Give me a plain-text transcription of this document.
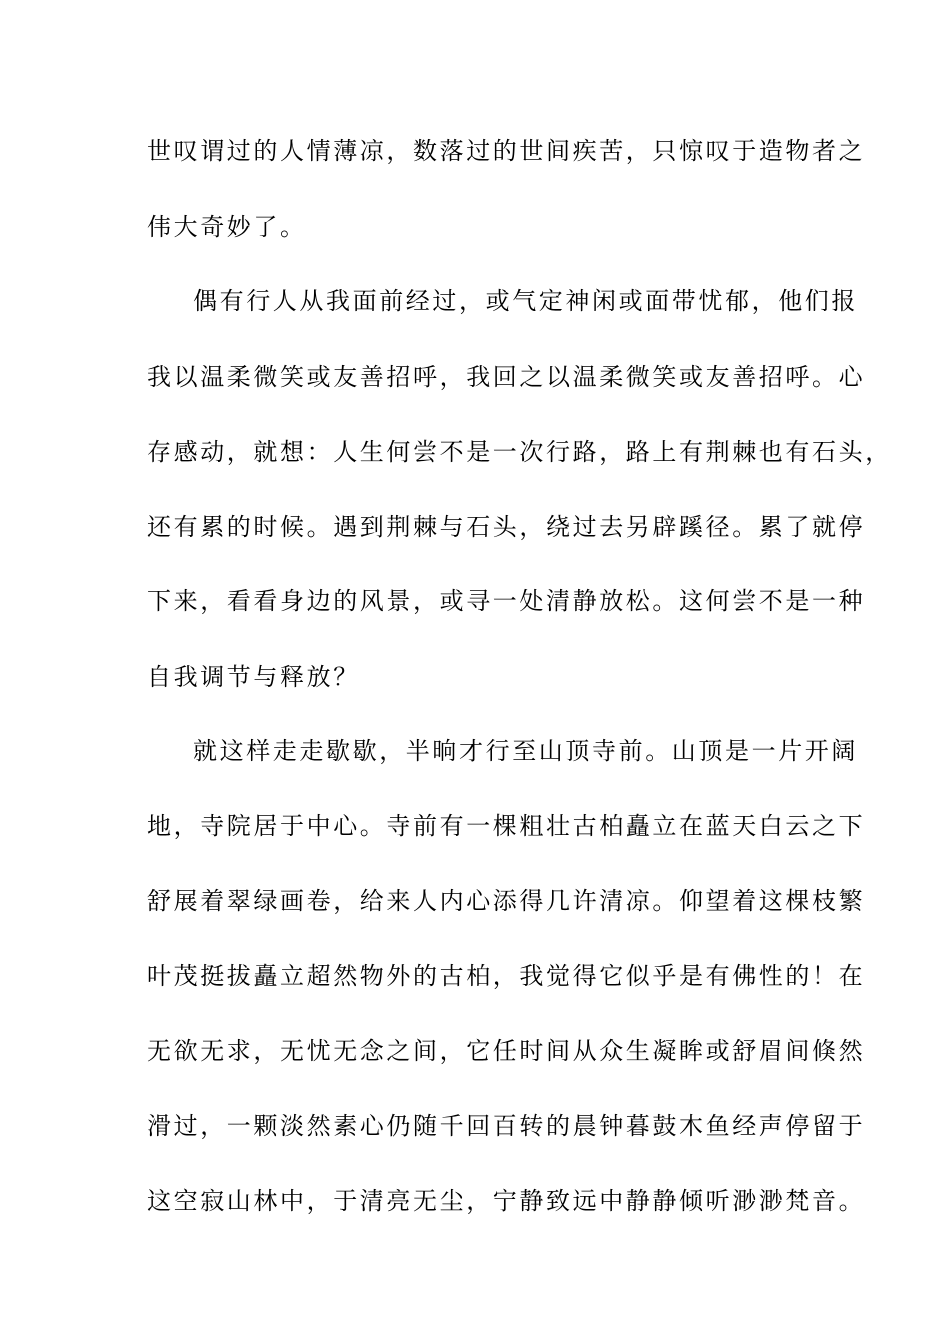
世叹谓过的人情薄凉，数落过的世间疾苦，只惊叹于造物者之
伟大奇妙了。
偶有行人从我面前经过，或气定神闲或面带忧郁，他们报
我以温柔微笑或友善招呼，我回之以温柔微笑或友善招呼。心
存感动，就想：人生何尝不是一次行路，路上有荆棘也有石头，
还有累的时候。遇到荆棘与石头，绕过去另辟蹊径。累了就停
下来，看看身边的风景，或寻一处清静放松。这何尝不是一种
自我调节与释放？
就这样走走歇歇，半晌才行至山顶寺前。山顶是一片开阔
地，寺院居于中心。寺前有一棵粗壮古柏矗立在蓝天白云之下
舒展着翠绿画卷，给来人内心添得几许清凉。仰望着这棵枝繁
叶茂挺拔矗立超然物外的古柏，我觉得它似乎是有佛性的！在
无欲无求，无忧无念之间，它任时间从众生凝眸或舒眉间倏然
滑过，一颗淡然素心仍随千回百转的晨钟暮鼓木鱼经声停留于
这空寂山林中，于清亮无尘，宁静致远中静静倾听渺渺梵音。
